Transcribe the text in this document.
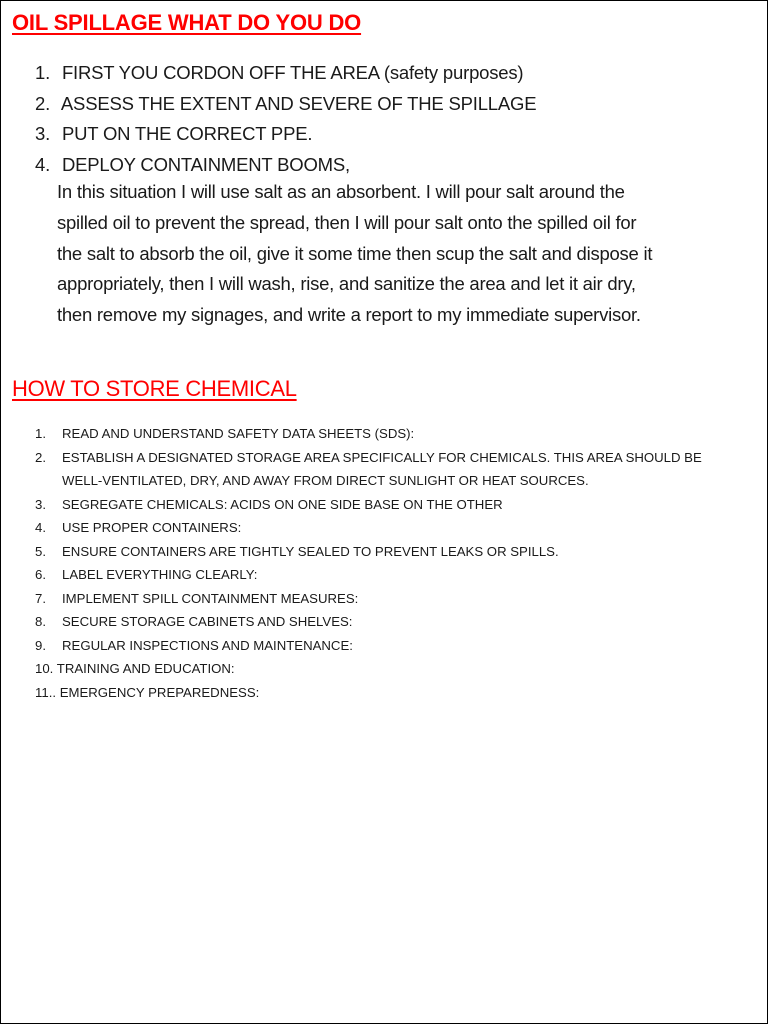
OIL SPILLAGE WHAT DO YOU DO
1. FIRST YOU CORDON OFF THE AREA (safety purposes)
2. ASSESS THE EXTENT AND SEVERE OF THE SPILLAGE
3. PUT ON THE CORRECT PPE.
4. DEPLOY CONTAINMENT BOOMS,

In this situation I will use salt as an absorbent. I will pour salt around the
spilled oil to prevent the spread, then I will pour salt onto the spilled oil for
the salt to absorb the oil, give it some time then scup the salt and dispose it
appropriately, then I will wash, rise, and sanitize the area and let it air dry,
then remove my signages, and write a report to my immediate supervisor.

HOW TO STORE CHEMICAL
1. READ AND UNDERSTAND SAFETY DATA SHEETS (SDS):
2. ESTABLISH A DESIGNATED STORAGE AREA SPECIFICALLY FOR CHEMICALS. THIS AREA SHOULD BE
WELL-VENTILATED, DRY, AND AWAY FROM DIRECT SUNLIGHT OR HEAT SOURCES.
3. SEGREGATE CHEMICALS: ACIDS ON ONE SIDE BASE ON THE OTHER
4. USE PROPER CONTAINERS:
5. ENSURE CONTAINERS ARE TIGHTLY SEALED TO PREVENT LEAKS OR SPILLS.
6. LABEL EVERYTHING CLEARLY:
7. IMPLEMENT SPILL CONTAINMENT MEASURES:
8. SECURE STORAGE CABINETS AND SHELVES:
9. REGULAR INSPECTIONS AND MAINTENANCE:
10. TRAINING AND EDUCATION:
11.. EMERGENCY PREPAREDNESS:
